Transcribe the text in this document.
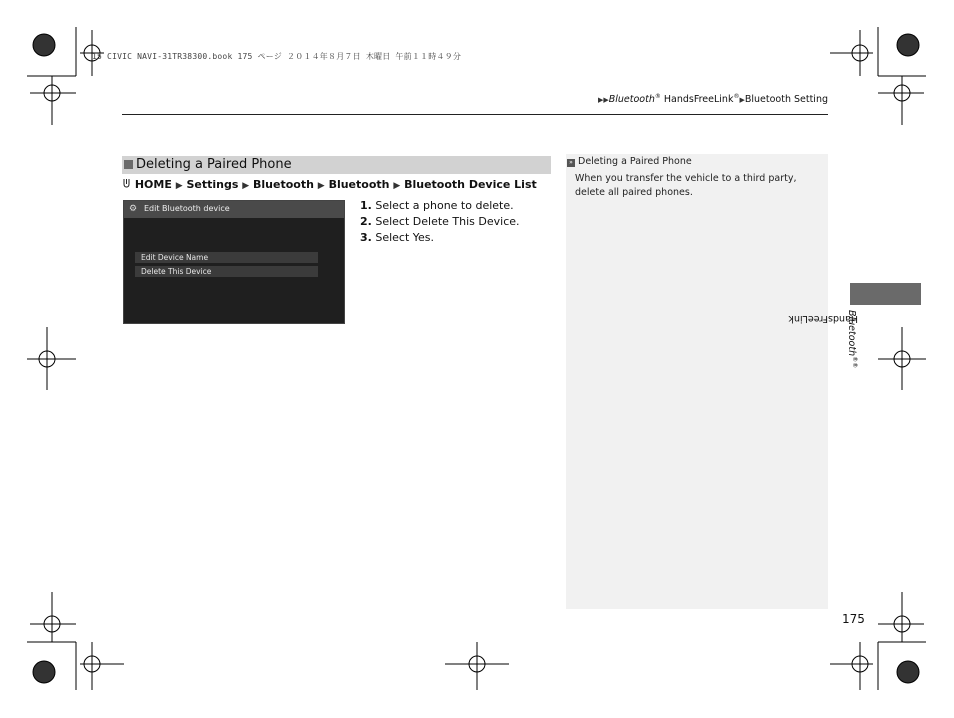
15 CIVIC NAVI-31TR38300.book 175 ページ ２０１４年８月７日 木曜日 午前１１時４９分
▶▶Bluetooth® HandsFreeLink®▶Bluetooth Setting
Deleting a Paired Phone
HOME ▶ Settings ▶ Bluetooth ▶ Bluetooth ▶ Bluetooth Device List
⚙ Edit Bluetooth device
Edit Device Name
Delete This Device
1. Select a phone to delete.
2. Select Delete This Device.
3. Select Yes.
» Deleting a Paired Phone
When you transfer the vehicle to a third party, delete all paired phones.
Bluetooth®
HandsFreeLink
®
175
